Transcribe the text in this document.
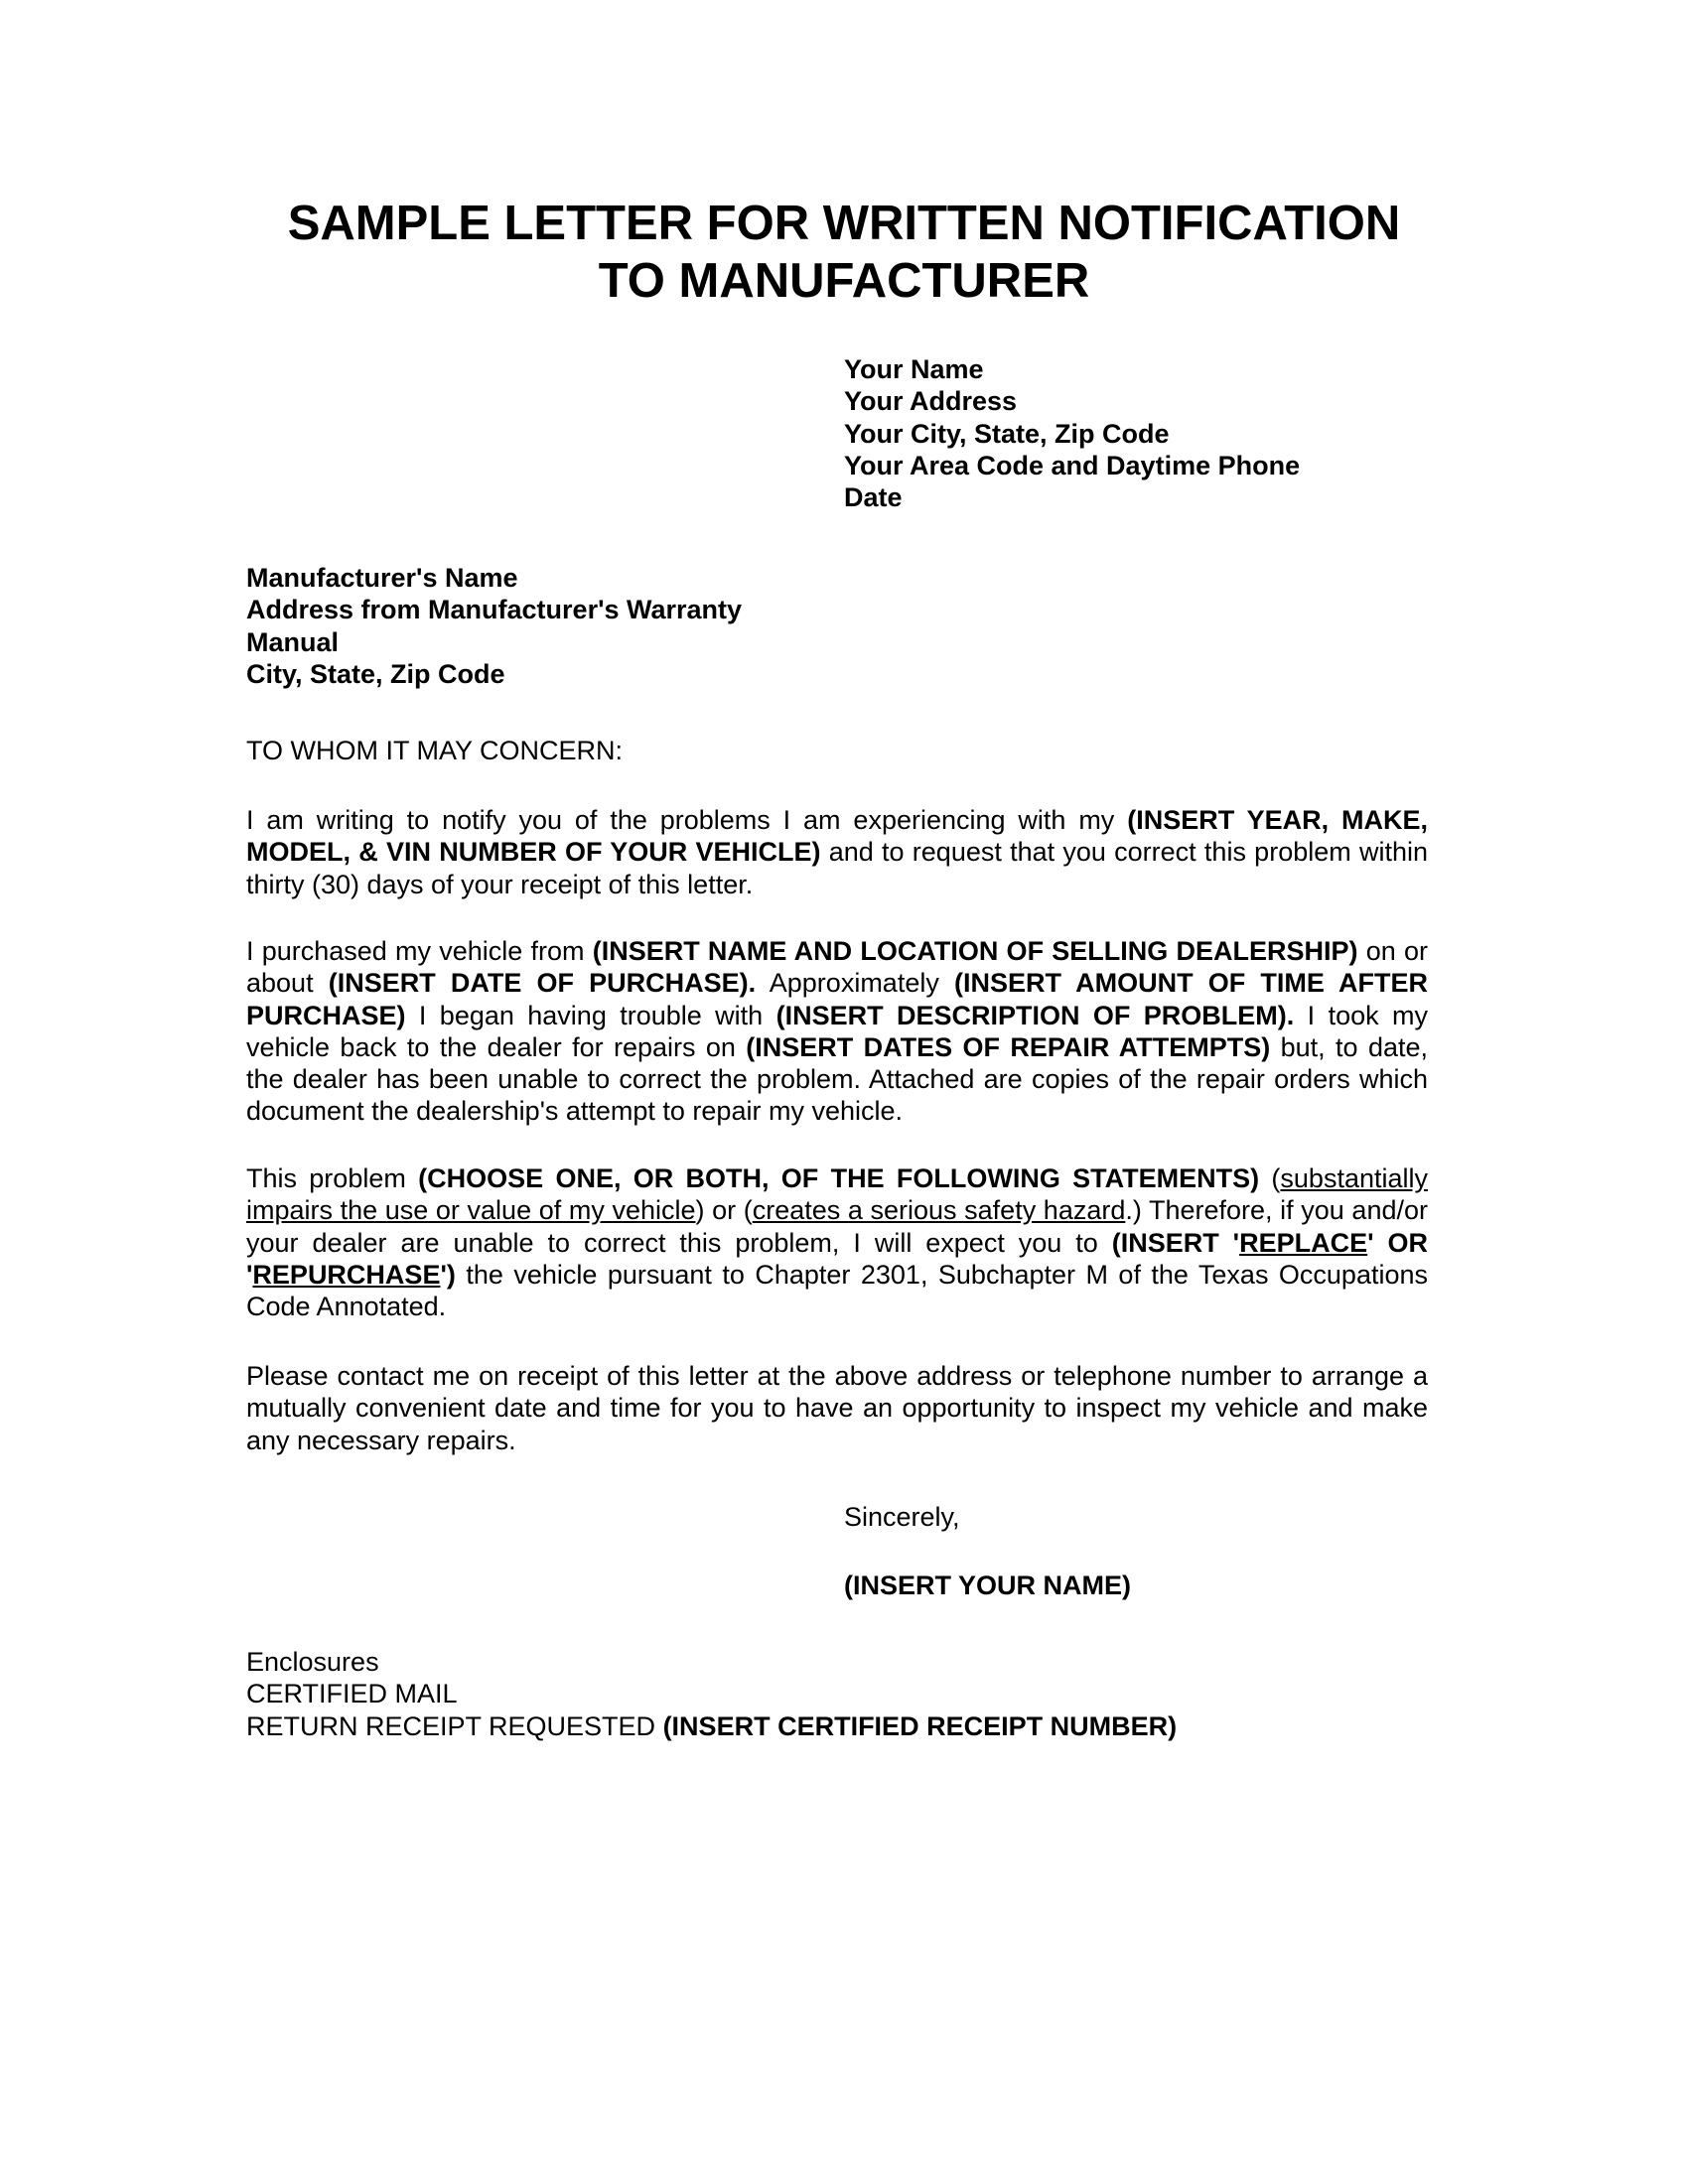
SAMPLE LETTER FOR WRITTEN NOTIFICATION
TO MANUFACTURER
Your Name
Your Address
Your City, State, Zip Code
Your Area Code and Daytime Phone
Date
Manufacturer's Name
Address from Manufacturer's Warranty
Manual
City, State, Zip Code
TO WHOM IT MAY CONCERN:
I am writing to notify you of the problems I am experiencing with my (INSERT YEAR, MAKE, MODEL, & VIN NUMBER OF YOUR VEHICLE) and to request that you correct this problem within thirty (30) days of your receipt of this letter.
I purchased my vehicle from (INSERT NAME AND LOCATION OF SELLING DEALERSHIP) on or about (INSERT DATE OF PURCHASE). Approximately (INSERT AMOUNT OF TIME AFTER PURCHASE) I began having trouble with (INSERT DESCRIPTION OF PROBLEM). I took my vehicle back to the dealer for repairs on (INSERT DATES OF REPAIR ATTEMPTS) but, to date, the dealer has been unable to correct the problem. Attached are copies of the repair orders which document the dealership's attempt to repair my vehicle.
This problem (CHOOSE ONE, OR BOTH, OF THE FOLLOWING STATEMENTS) (substantially impairs the use or value of my vehicle) or (creates a serious safety hazard.) Therefore, if you and/or your dealer are unable to correct this problem, I will expect you to (INSERT 'REPLACE' OR 'REPURCHASE') the vehicle pursuant to Chapter 2301, Subchapter M of the Texas Occupations Code Annotated.
Please contact me on receipt of this letter at the above address or telephone number to arrange a mutually convenient date and time for you to have an opportunity to inspect my vehicle and make any necessary repairs.
Sincerely,
(INSERT YOUR NAME)
Enclosures
CERTIFIED MAIL
RETURN RECEIPT REQUESTED (INSERT CERTIFIED RECEIPT NUMBER)
